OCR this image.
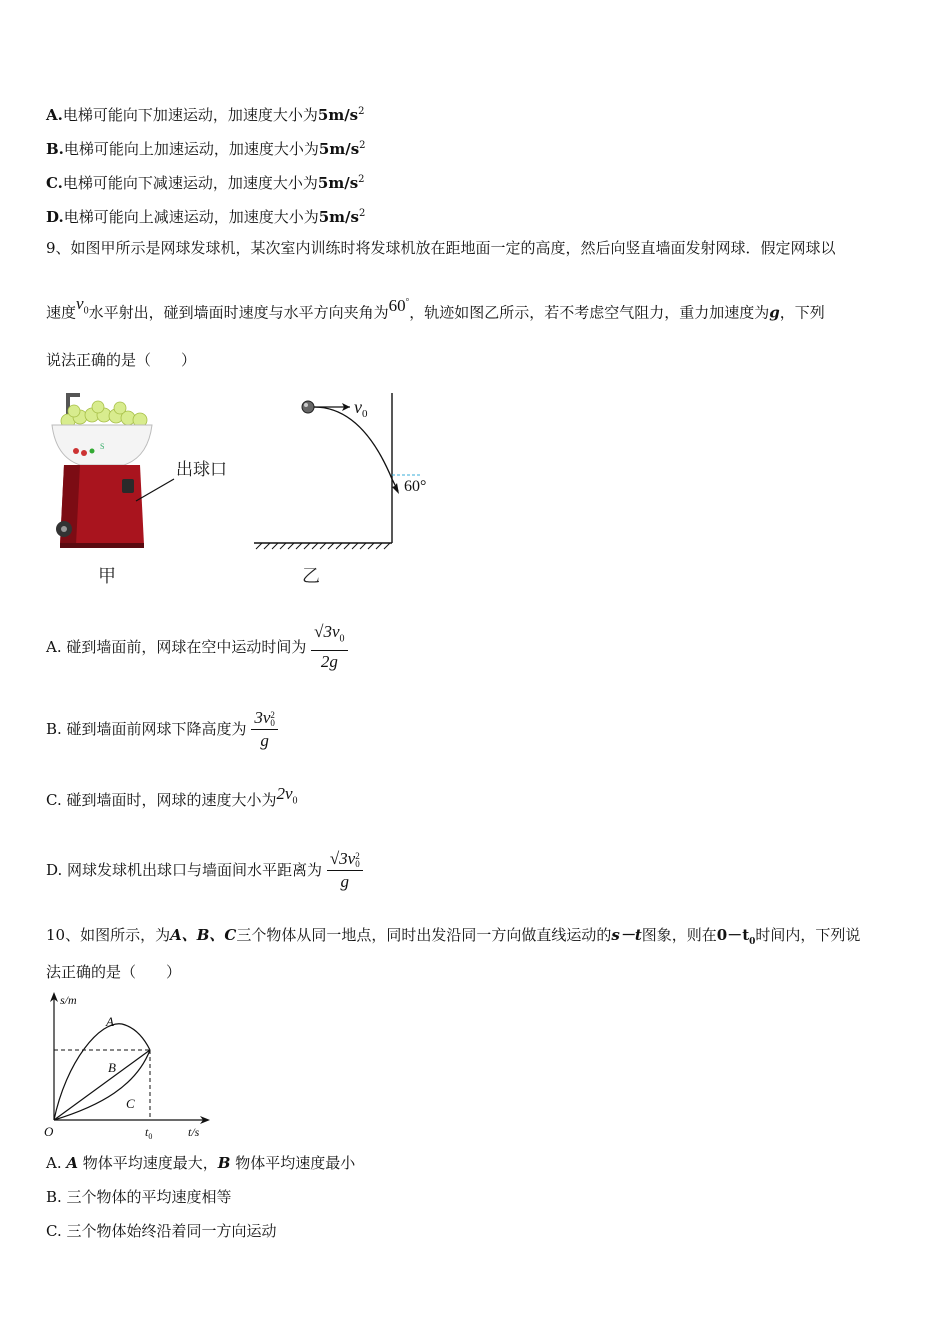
A.电梯可能向下加速运动，加速度大小为$5m/s^2$
B.电梯可能向上加速运动，加速度大小为$5m/s^2$
C.电梯可能向下减速运动，加速度大小为$5m/s^2$
D.电梯可能向上减速运动，加速度大小为$5m/s^2$
9、如图甲所示是网球发球机，某次室内训练时将发球机放在距地面一定的高度，然后向竖直墙面发射网球．假定网球以
速度$v_0$水平射出，碰到墙面时速度与水平方向夹角为60°，轨迹如图乙所示，若不考虑空气阻力，重力加速度为g，下列
说法正确的是（　　）
S
出球口
甲
$v_0$
60°
乙
A. 碰到墙面前，网球在空中运动时间为 $\frac{√3v_0}{2g}$
B. 碰到墙面前网球下降高度为 3v 2
0
g
C. 碰到墙面时，网球的速度大小为$2v_0$
D. 网球发球机出球口与墙面间水平距离为 √3v 2
0
g
10、如图所示，为A、B、C三个物体从同一地点，同时出发沿同一方向做直线运动的s－t图象，则在$0-t_0$时间内，下列说
法正确的是（　　）
s/m
t/s
O	$t_0$
A
B
C
A. A 物体平均速度最大，B 物体平均速度最小
B. 三个物体的平均速度相等
C. 三个物体始终沿着同一方向运动
